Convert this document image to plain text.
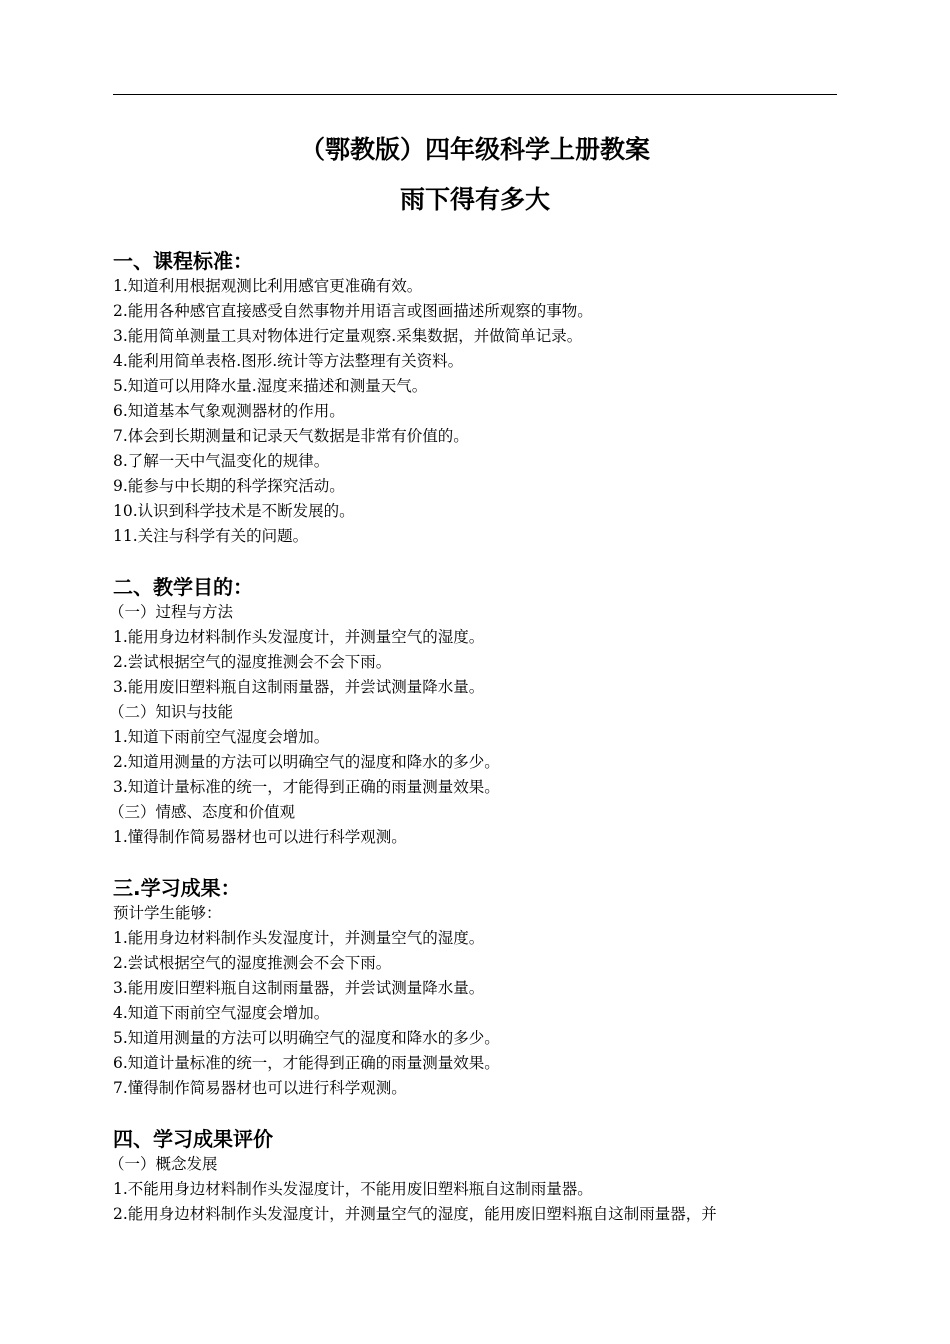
（鄂教版）四年级科学上册教案
雨下得有多大
一、课程标准：
1.知道利用根据观测比利用感官更准确有效。
2.能用各种感官直接感受自然事物并用语言或图画描述所观察的事物。
3.能用简单测量工具对物体进行定量观察.采集数据，并做简单记录。
4.能利用简单表格.图形.统计等方法整理有关资料。
5.知道可以用降水量.湿度来描述和测量天气。
6.知道基本气象观测器材的作用。
7.体会到长期测量和记录天气数据是非常有价值的。
8.了解一天中气温变化的规律。
9.能参与中长期的科学探究活动。
10.认识到科学技术是不断发展的。
11.关注与科学有关的问题。
二、教学目的：
（一）过程与方法
1.能用身边材料制作头发湿度计，并测量空气的湿度。
2.尝试根据空气的湿度推测会不会下雨。
3.能用废旧塑料瓶自这制雨量器，并尝试测量降水量。
（二）知识与技能
1.知道下雨前空气湿度会增加。
2.知道用测量的方法可以明确空气的湿度和降水的多少。
3.知道计量标准的统一，才能得到正确的雨量测量效果。
（三）情感、态度和价值观
1.懂得制作简易器材也可以进行科学观测。
三.学习成果：
预计学生能够：
1.能用身边材料制作头发湿度计，并测量空气的湿度。
2.尝试根据空气的湿度推测会不会下雨。
3.能用废旧塑料瓶自这制雨量器，并尝试测量降水量。
4.知道下雨前空气湿度会增加。
5.知道用测量的方法可以明确空气的湿度和降水的多少。
6.知道计量标准的统一，才能得到正确的雨量测量效果。
7.懂得制作简易器材也可以进行科学观测。
四、学习成果评价
（一）概念发展
1.不能用身边材料制作头发湿度计，不能用废旧塑料瓶自这制雨量器。
2.能用身边材料制作头发湿度计，并测量空气的湿度，能用废旧塑料瓶自这制雨量器，并
